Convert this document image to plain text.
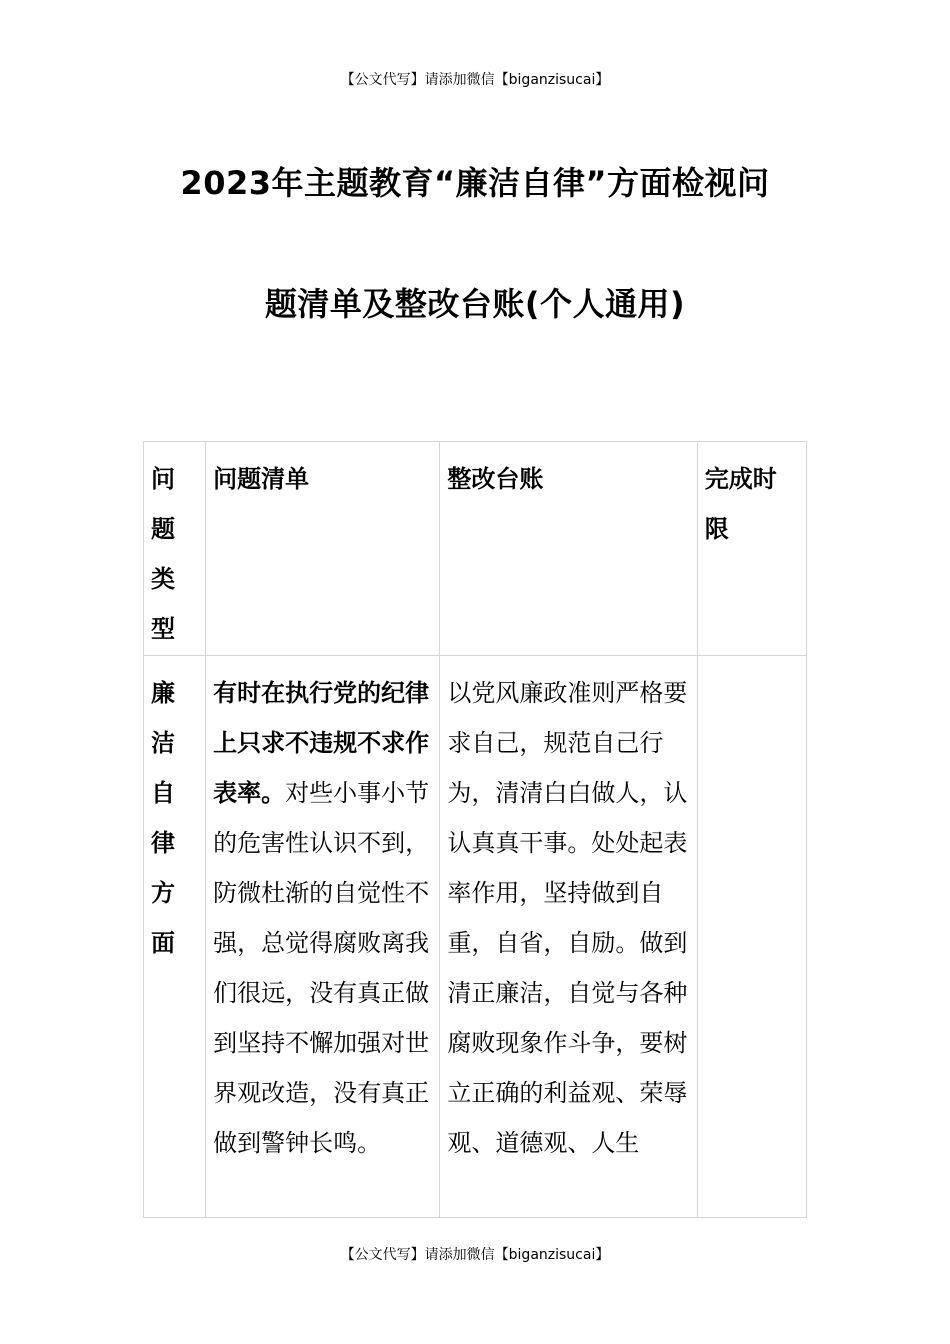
【公文代写】请添加微信【biganzisucai】
2023年主题教育“廉洁自律”方面检视问
题清单及整改台账(个人通用)
问题类型	问题清单	整改台账	完成时限

廉洁自律方面	有时在执行党的纪律上只求不违规不求作表率。对些小事小节的危害性认识不到，防微杜渐的自觉性不强，总觉得腐败离我们很远，没有真正做到坚持不懈加强对世界观改造，没有真正做到警钟长鸣。	以党风廉政准则严格要求自己，规范自己行为，清清白白做人，认认真真干事。处处起表率作用，坚持做到自重，自省，自励。做到清正廉洁，自觉与各种腐败现象作斗争，要树立正确的利益观、荣辱观、道德观、人生	

【公文代写】请添加微信【biganzisucai】
